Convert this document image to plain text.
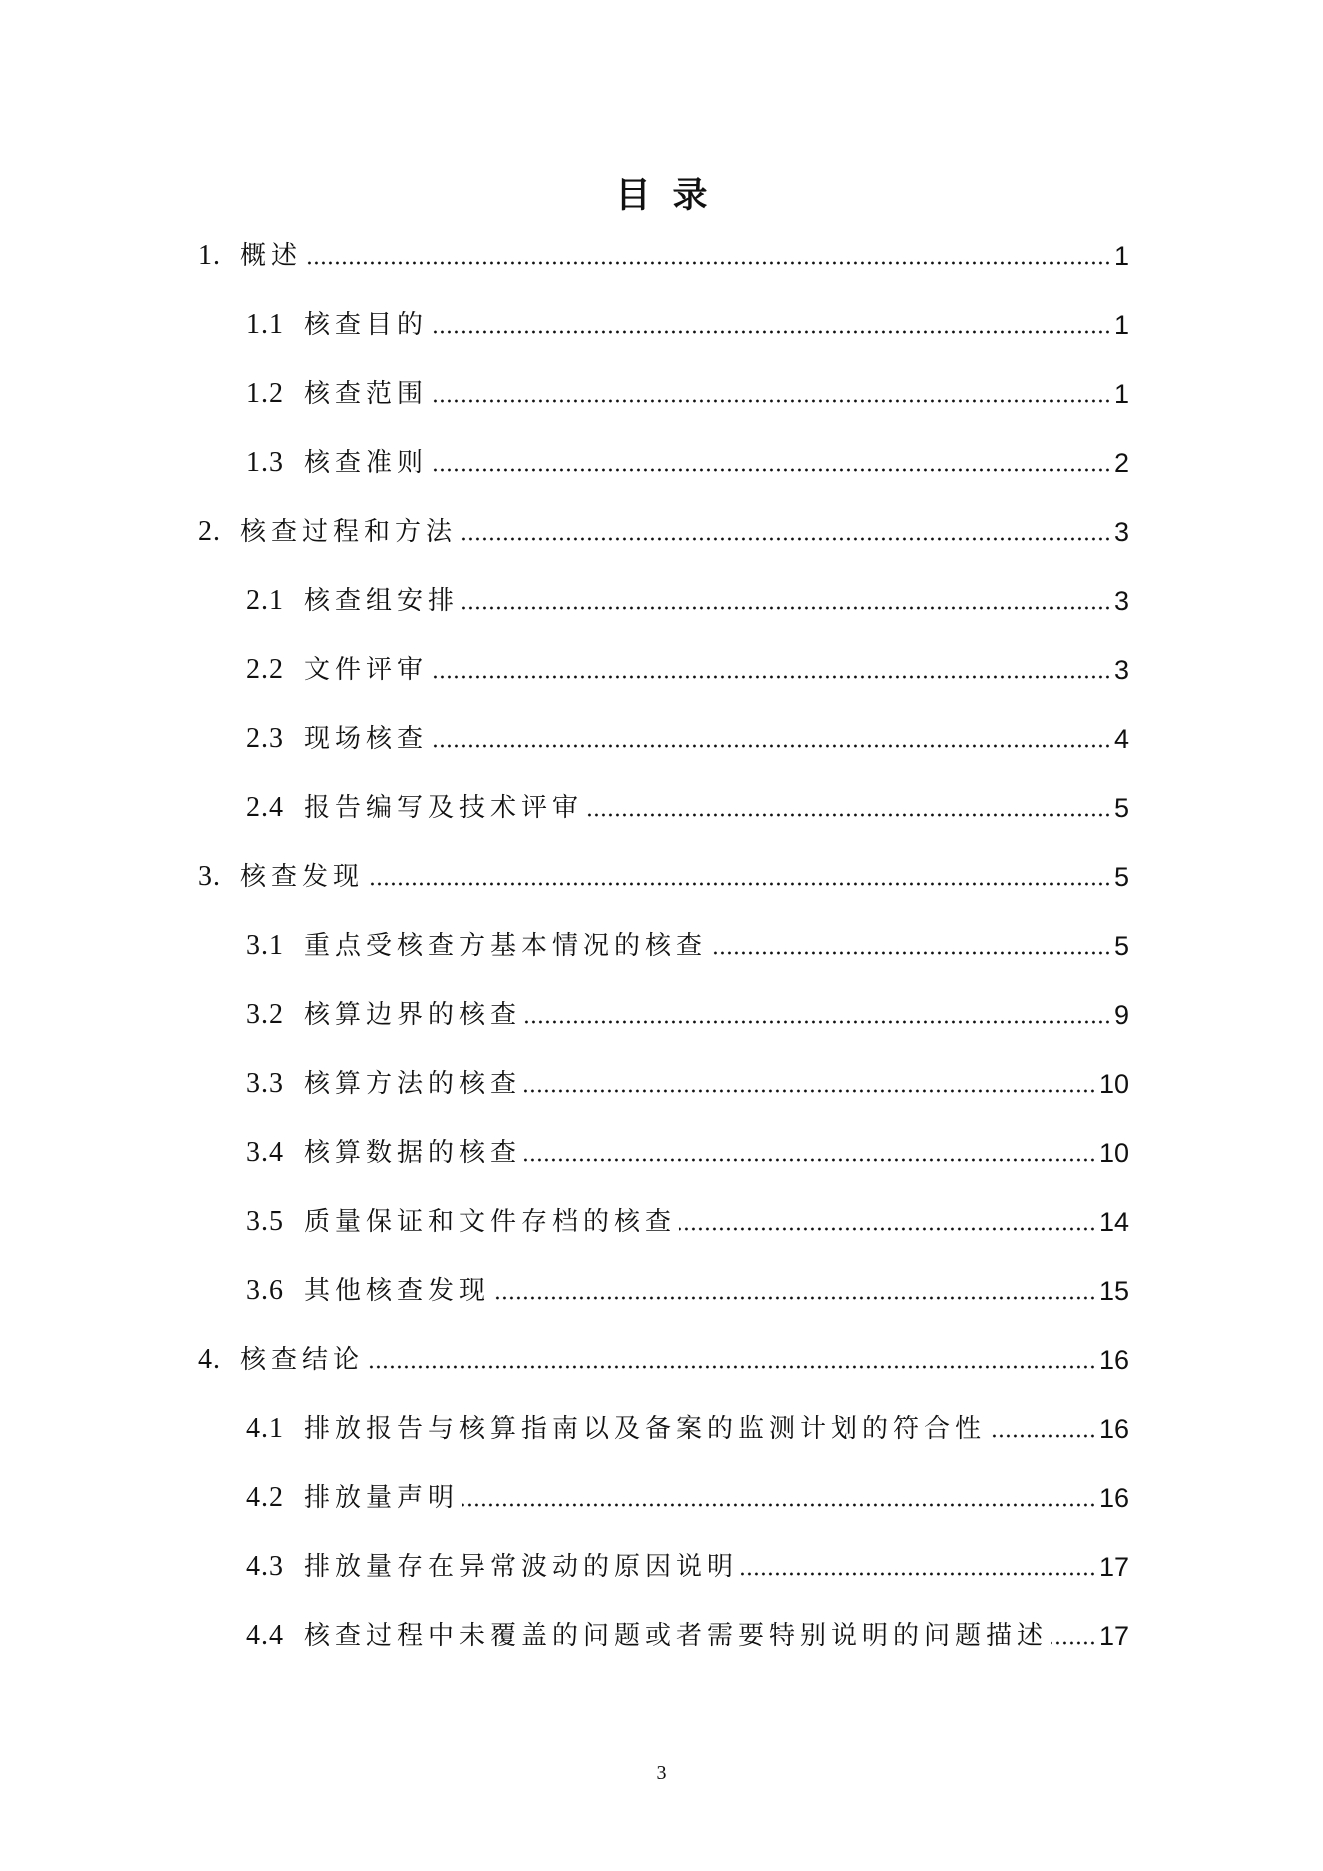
目录
1. 概述	1
1.1 核查目的	1
1.2 核查范围	1
1.3 核查准则	2
2. 核查过程和方法	3
2.1 核查组安排	3
2.2 文件评审	3
2.3 现场核查	4
2.4 报告编写及技术评审	5
3. 核查发现	5
3.1 重点受核查方基本情况的核查	5
3.2 核算边界的核查	9
3.3 核算方法的核查	10
3.4 核算数据的核查	10
3.5 质量保证和文件存档的核查	14
3.6 其他核查发现	15
4. 核查结论	16
4.1 排放报告与核算指南以及备案的监测计划的符合性	16
4.2 排放量声明	16
4.3 排放量存在异常波动的原因说明	17
4.4 核查过程中未覆盖的问题或者需要特别说明的问题描述 17
3
